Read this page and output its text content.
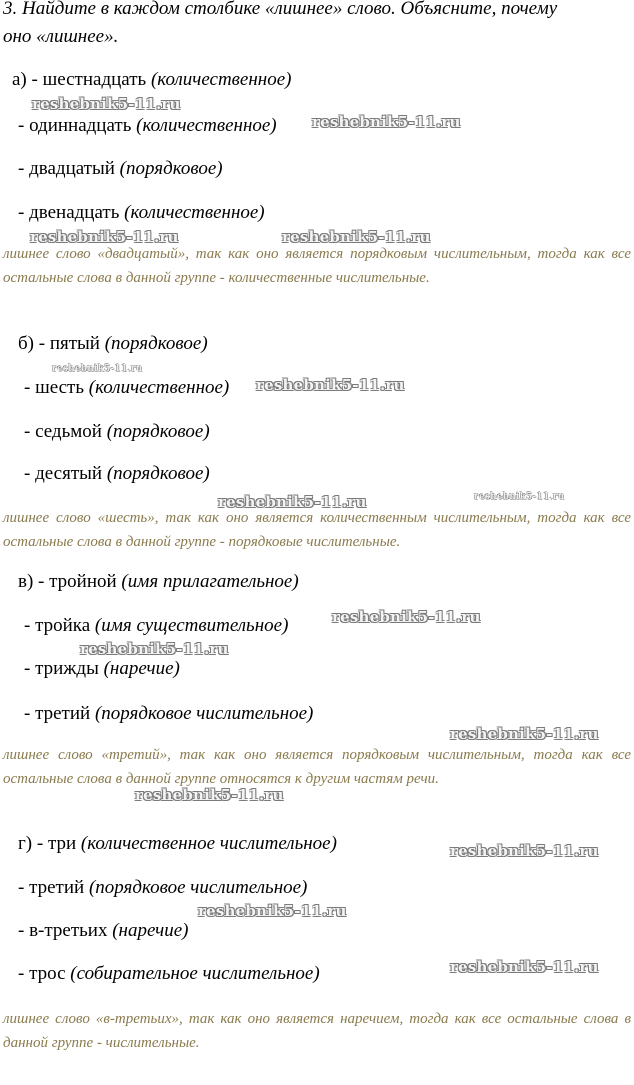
3. Найдите в каждом столбике «лишнее» слово. Объясните, почему
оно «лишнее».
а) - шестнадцать (количественное)
- одиннадцать (количественное)
- двадцатый (порядковое)
- двенадцать (количественное)
лишнее слово «двадцатый», так как оно является порядковым числительным, тогда как все остальные слова в данной группе - количественные числительные.
б) - пятый (порядковое)
- шесть (количественное)
- седьмой (порядковое)
- десятый (порядковое)
лишнее слово «шесть», так как оно является количественным числительным, тогда как все остальные слова в данной группе - порядковые числительные.
в) - тройной (имя прилагательное)
- тройка (имя существительное)
- трижды (наречие)
- третий (порядковое числительное)
лишнее слово «третий», так как оно является порядковым числительным, тогда как все остальные слова в данной группе относятся к другим частям речи.
г) - три (количественное числительное)
- третий (порядковое числительное)
- в-третьих (наречие)
- трос (собирательное числительное)
лишнее слово «в-третьих», так как оно является наречием, тогда как все остальные слова в данной группе - числительные.
reshebnik5-11.ru
reshebnik5-11.ru
reshebnik5-11.ru	reshebnik5-11.ru
reshebnik5-11.ru
reshebnik5-11.ru
reshebnik5-11.ru	reshebnik5-11.ru
reshebnik5-11.ru
reshebnik5-11.ru
reshebnik5-11.ru
reshebnik5-11.ru
reshebnik5-11.ru
reshebnik5-11.ru
reshebnik5-11.ru
